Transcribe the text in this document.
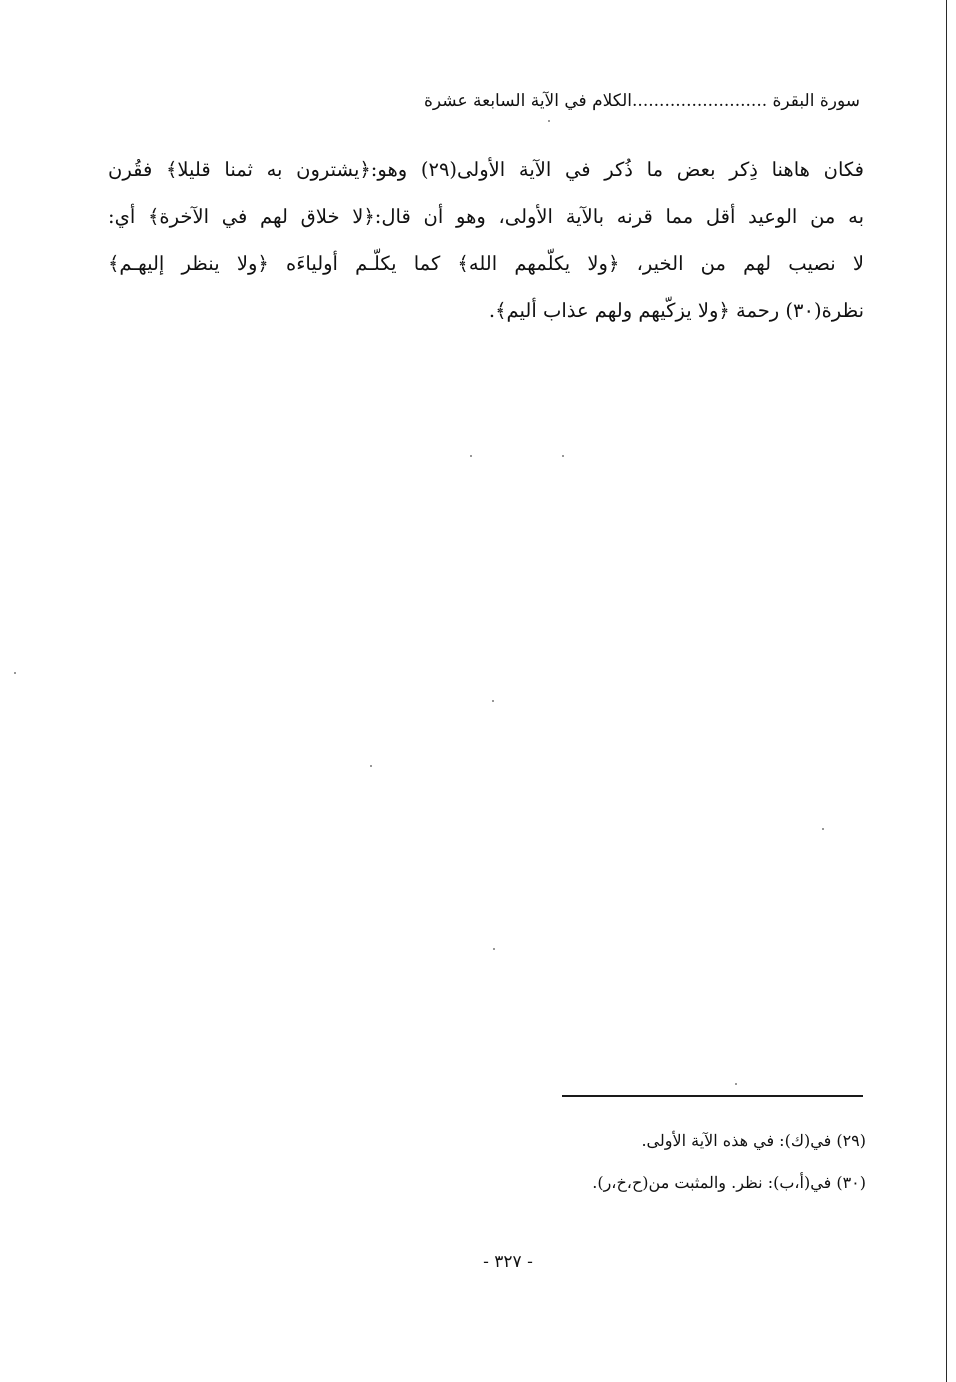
سورة البقرة .........................الكلام في الآية السابعة عشرة
فكان هاهنا ذِكر بعض ما ذُكر في الآية الأولى(٢٩) وهو:﴿يشترون به ثمنا قليلا﴾ فقُرن
به من الوعيد أقل مما قرنه بالآية الأولى، وهو أن قال:﴿لا خلاق لهم في الآخرة﴾ أي:
لا نصيب لهم من الخير، ﴿ولا يكلّمهم الله﴾ كما يكلّـم أولياءَه ﴿ولا ينظر إليهـم﴾
نظرة(٣٠) رحمة ﴿ولا يزكّيهم ولهم عذاب أليم﴾.
(٢٩) في(ك): في هذه الآية الأولى.
(٣٠) في(أ،ب): نظر. والمثبت من(ح،خ،ر).
- ٣٢٧ -
